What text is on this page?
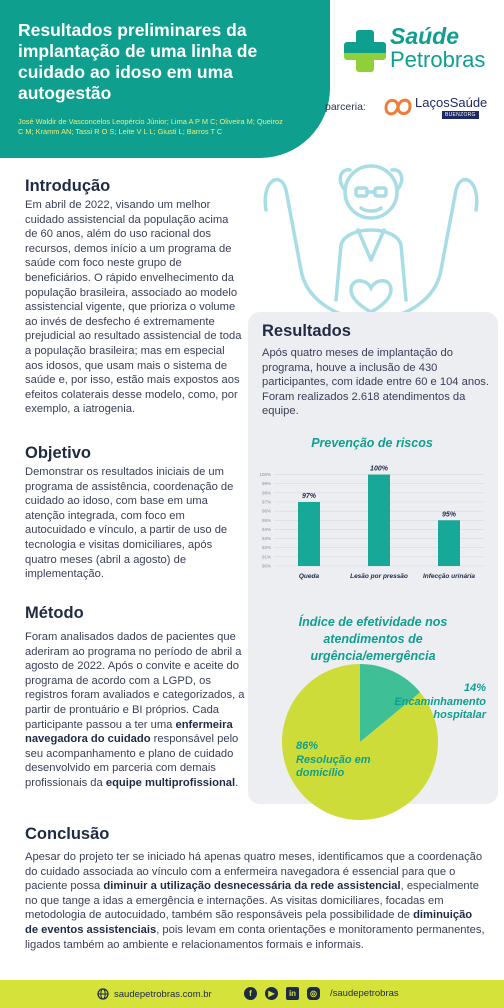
Resultados preliminares da implantação de uma linha de cuidado ao idoso em uma autogestão
José Waldir de Vasconcelos Leopércio Júnior; Lima A P M C; Oliveira M; Queiroz C M; Kramm AN; Tassi R O S; Leite V L L; Giusti L; Barros T C
Saúde
Petrobras
parceria:	LaçosSaúde
BUENZORG
Introdução
Em abril de 2022, visando um melhor cuidado assistencial da população acima de 60 anos, além do uso racional dos recursos, demos início a um programa de saúde com foco neste grupo de beneficiários. O rápido envelhecimento da população brasileira, associado ao modelo assistencial vigente, que prioriza o volume ao invés de desfecho é extremamente prejudicial ao resultado assistencial de toda a população brasileira; mas em especial aos idosos, que usam mais o sistema de saúde e, por isso, estão mais expostos aos efeitos colaterais desse modelo, como, por exemplo, a iatrogenia.
Objetivo
Demonstrar os resultados iniciais de um programa de assistência, coordenação de cuidado ao idoso, com base em uma atenção integrada, com foco em autocuidado e vínculo, a partir de uso de tecnologia e visitas domiciliares, após quatro meses (abril a agosto) de implementação.
Método
Foram analisados dados de pacientes que aderiram ao programa no período de abril a agosto de 2022. Após o convite e aceite do programa de acordo com a LGPD, os registros foram avaliados e categorizados, a partir de prontuário e BI próprios. Cada participante passou a ter uma enfermeira navegadora do cuidado responsável pelo seu acompanhamento e plano de cuidado desenvolvido em parceria com demais profissionais da equipe multiprofissional.
Resultados
Após quatro meses de implantação do programa, houve a inclusão de 430 participantes, com idade entre 60 e 104 anos. Foram realizados 2.618 atendimentos da equipe.
Prevenção de riscos
90%
91%
92%
93%
94%
95%
96%
97%
98%
99%
100%
97%
Queda
100%
Lesão por pressão
95%
Infecção urinária
Índice de efetividade nos atendimentos de urgência/emergência
14%
Encaminhamento hospitalar
86%
Resolução em domicílio
Conclusão
Apesar do projeto ter se iniciado há apenas quatro meses, identificamos que a coordenação do cuidado associada ao vínculo com a enfermeira navegadora é essencial para que o paciente possa diminuir a utilização desnecessária da rede assistencial, especialmente no que tange a idas a emergência e internações. As visitas domiciliares, focadas em metodologia de autocuidado, também são responsáveis pela possibilidade de diminuição de eventos assistenciais, pois levam em conta orientações e monitoramento permanentes, ligados também ao ambiente e relacionamentos formais e informais.
saudepetrobras.com.br	f	▶	in	◎	/saudepetrobras
